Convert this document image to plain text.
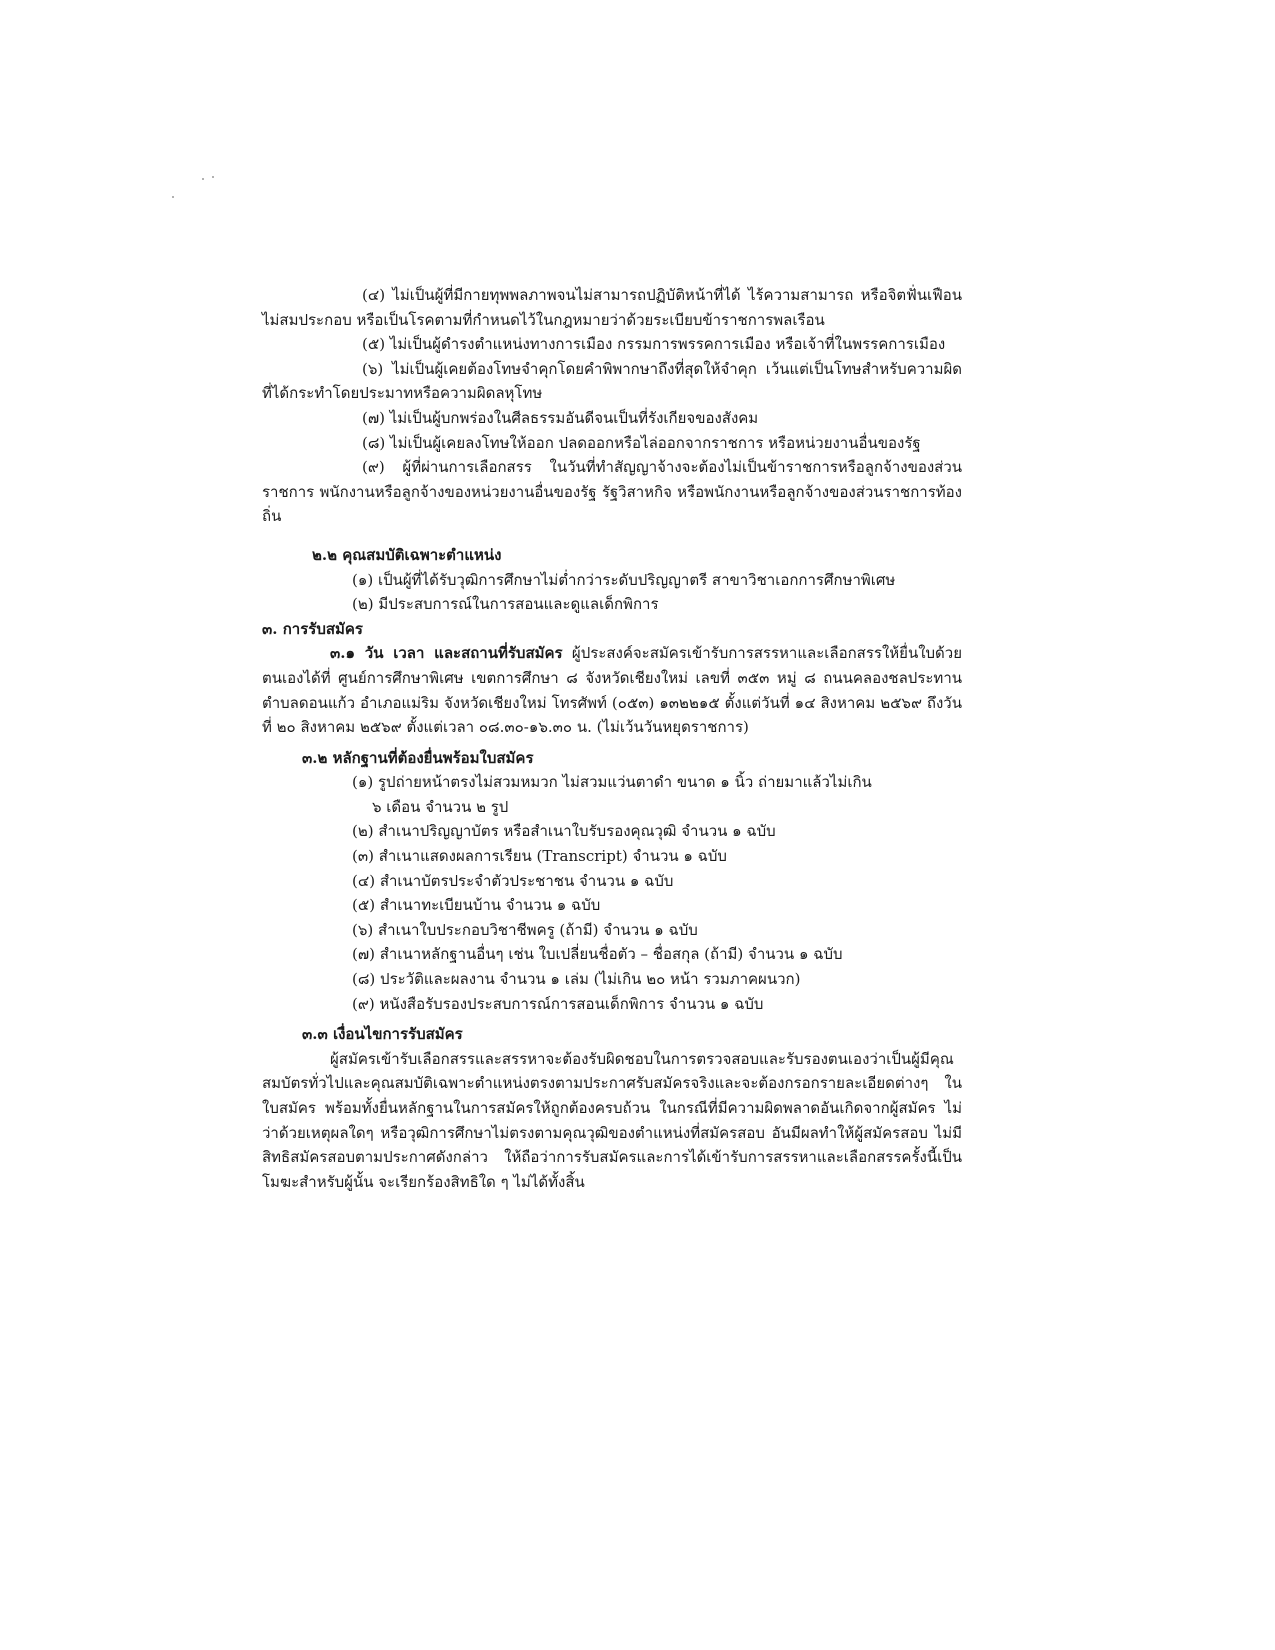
(๔) ไม่เป็นผู้ที่มีกายทุพพลภาพจนไม่สามารถปฏิบัติหน้าที่ได้ ไร้ความสามารถ หรือจิตฟั่นเฟือน ไม่สมประกอบ หรือเป็นโรคตามที่กำหนดไว้ในกฎหมายว่าด้วยระเบียบข้าราชการพลเรือน

(๕) ไม่เป็นผู้ดำรงตำแหน่งทางการเมือง กรรมการพรรคการเมือง หรือเจ้าที่ในพรรคการเมือง

(๖) ไม่เป็นผู้เคยต้องโทษจำคุกโดยคำพิพากษาถึงที่สุดให้จำคุก เว้นแต่เป็นโทษสำหรับความผิด ที่ได้กระทำโดยประมาทหรือความผิดลหุโทษ

(๗) ไม่เป็นผู้บกพร่องในศีลธรรมอันดีจนเป็นที่รังเกียจของสังคม

(๘) ไม่เป็นผู้เคยลงโทษให้ออก ปลดออกหรือไล่ออกจากราชการ หรือหน่วยงานอื่นของรัฐ

(๙) ผู้ที่ผ่านการเลือกสรร ในวันที่ทำสัญญาจ้างจะต้องไม่เป็นข้าราชการหรือลูกจ้างของส่วน ราชการ พนักงานหรือลูกจ้างของหน่วยงานอื่นของรัฐ รัฐวิสาหกิจ หรือพนักงานหรือลูกจ้างของส่วนราชการท้องถิ่น

๒.๒ คุณสมบัติเฉพาะตำแหน่ง

(๑) เป็นผู้ที่ได้รับวุฒิการศึกษาไม่ต่ำกว่าระดับปริญญาตรี สาขาวิชาเอกการศึกษาพิเศษ

(๒) มีประสบการณ์ในการสอนและดูแลเด็กพิการ

๓. การรับสมัคร

๓.๑ วัน เวลา และสถานที่รับสมัคร ผู้ประสงค์จะสมัครเข้ารับการสรรหาและเลือกสรรให้ยื่นใบด้วยตนเองได้ที่ ศูนย์การศึกษาพิเศษ เขตการศึกษา ๘ จังหวัดเชียงใหม่ เลขที่ ๓๕๓ หมู่ ๘ ถนนคลองชลประทาน ตำบลดอนแก้ว อำเภอแม่ริม จังหวัดเชียงใหม่ โทรศัพท์ (๐๕๓) ๑๓๒๒๑๕ ตั้งแต่วันที่ ๑๔ สิงหาคม ๒๕๖๙ ถึงวันที่ ๒๐ สิงหาคม ๒๕๖๙ ตั้งแต่เวลา ๐๘.๓๐-๑๖.๓๐ น. (ไม่เว้นวันหยุดราชการ)

๓.๒ หลักฐานที่ต้องยื่นพร้อมใบสมัคร

(๑) รูปถ่ายหน้าตรงไม่สวมหมวก ไม่สวมแว่นตาดำ ขนาด ๑ นิ้ว ถ่ายมาแล้วไม่เกิน

๖ เดือน จำนวน ๒ รูป

(๒) สำเนาปริญญาบัตร หรือสำเนาใบรับรองคุณวุฒิ จำนวน ๑ ฉบับ

(๓) สำเนาแสดงผลการเรียน (Transcript) จำนวน ๑ ฉบับ

(๔) สำเนาบัตรประจำตัวประชาชน จำนวน ๑ ฉบับ

(๕) สำเนาทะเบียนบ้าน จำนวน ๑ ฉบับ

(๖) สำเนาใบประกอบวิชาชีพครู (ถ้ามี) จำนวน ๑ ฉบับ

(๗) สำเนาหลักฐานอื่นๆ เช่น ใบเปลี่ยนชื่อตัว – ชื่อสกุล (ถ้ามี) จำนวน ๑ ฉบับ

(๘) ประวัติและผลงาน จำนวน ๑ เล่ม (ไม่เกิน ๒๐ หน้า รวมภาคผนวก)

(๙) หนังสือรับรองประสบการณ์การสอนเด็กพิการ จำนวน ๑ ฉบับ

๓.๓ เงื่อนไขการรับสมัคร

ผู้สมัครเข้ารับเลือกสรรและสรรหาจะต้องรับผิดชอบในการตรวจสอบและรับรองตนเองว่าเป็นผู้มีคุณสมบัตรทั่วไปและคุณสมบัติเฉพาะตำแหน่งตรงตามประกาศรับสมัครจริงและจะต้องกรอกรายละเอียดต่างๆ ในใบสมัคร พร้อมทั้งยื่นหลักฐานในการสมัครให้ถูกต้องครบถ้วน ในกรณีที่มีความผิดพลาดอันเกิดจากผู้สมัคร ไม่ว่าด้วยเหตุผลใดๆ หรือวุฒิการศึกษาไม่ตรงตามคุณวุฒิของตำแหน่งที่สมัครสอบ อันมีผลทำให้ผู้สมัครสอบ ไม่มีสิทธิสมัครสอบตามประกาศดังกล่าว ให้ถือว่าการรับสมัครและการได้เข้ารับการสรรหาและเลือกสรรครั้งนี้เป็นโมฆะสำหรับผู้นั้น จะเรียกร้องสิทธิใด ๆ ไม่ได้ทั้งสิ้น
